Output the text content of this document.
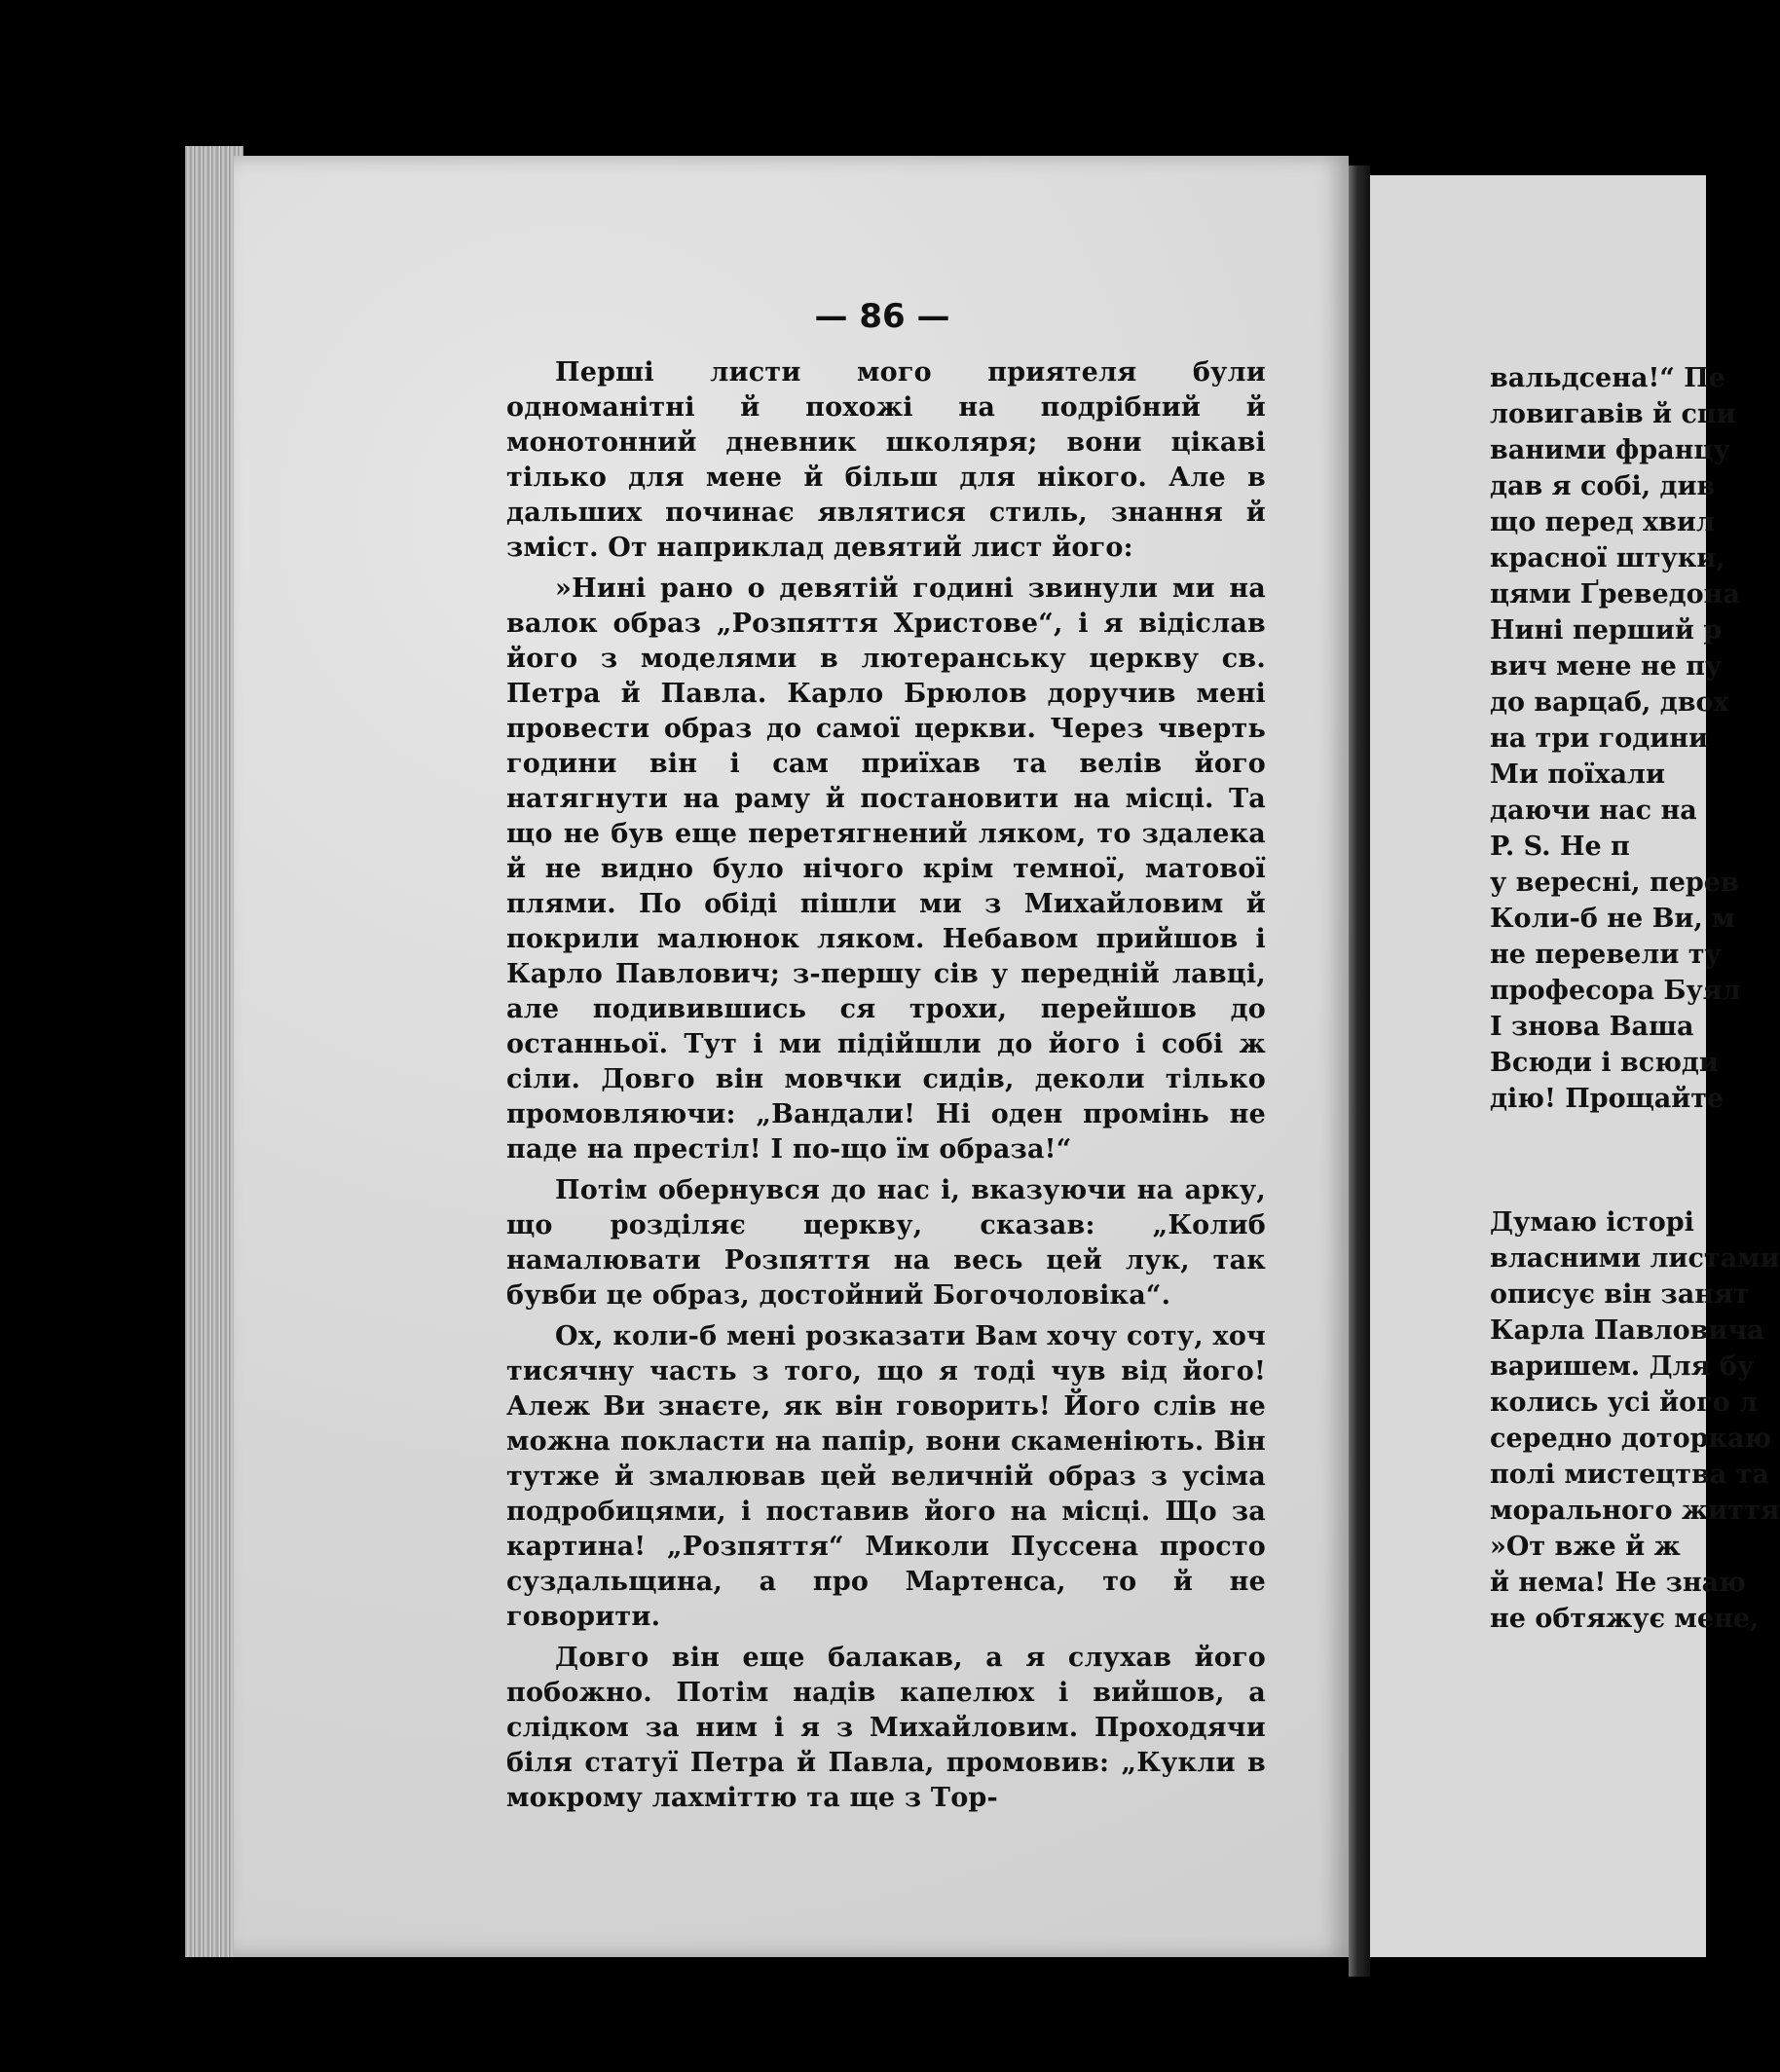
— 86 —

Перші листи мого приятеля були одноманітні й похожі на подрібний й монотонний дневник школяря; вони цікаві тілько для мене й більш для нікого. Але в дальших починає являтися стиль, знання й зміст. От наприклад девятий лист його:

»Нині рано о девятій годині звинули ми на валок образ „Розпяття Христове“, і я відіслав його з моделями в лютеранську церкву св. Петра й Павла. Карло Брюлов доручив мені провести образ до самої церкви. Через чверть години він і сам приїхав та велів його натягнути на раму й постановити на місці. Та що не був еще перетягнений ляком, то здалека й не видно було нічого крім темної, матової плями. По обіді пішли ми з Михайловим й покрили малюнок ляком. Небавом прийшов і Карло Павлович; з-першу сів у передній лавці, але подивившись ся трохи, перейшов до останньої. Тут і ми підійшли до його і собі ж сіли. Довго він мовчки сидів, деколи тілько промовляючи: „Вандали! Ні оден промінь не паде на престіл! І по-що їм образа!“

Потім обернувся до нас і, вказуючи на арку, що розділяє церкву, сказав: „Колиб намалювати Розпяття на весь цей лук, так бувби це образ, достойний Богочоловіка“.

Ох, коли-б мені розказати Вам хочу соту, хоч тисячну часть з того, що я тоді чув від його! Алеж Ви знаєте, як він говорить! Його слів не можна покласти на папір, вони скаменіють. Він тутже й змалював цей величній образ з усіма подробицями, і поставив його на місці. Що за картина! „Розпяття“ Миколи Пуссена просто суздальщина, а про Мартенса, то й не говорити.

Довго він еще балакав, а я слухав його побожно. Потім надів капелюх і вийшов, а слідком за ним і я з Михайловим. Проходячи біля статуї Петра й Павла, промовив: „Кукли в мокрому лахміттю та ще з Тор-

вальдсена!“ Пе
ловигавів й спи
ваними францу
дав я собі, див
що перед хвил
красної штуки,
цями Ґреведона
Нині перший р
вич мене не пу
до варцаб, двох
на три години
Ми поїхали
даючи нас на
P. S. Не п
у вересні, перев
Коли-б не Ви, м
не перевели ту
професора Буял
І знова Ваша
Всюди і всюди
дію! Прощайте
Думаю історі
власними листами
описує він занят
Карла Павловича
варишем. Для бу
колись усі його л
середно доторкаю
полі мистецтва та
морального життя
»От вже й ж
й нема! Не знаю
не обтяжує мене,
